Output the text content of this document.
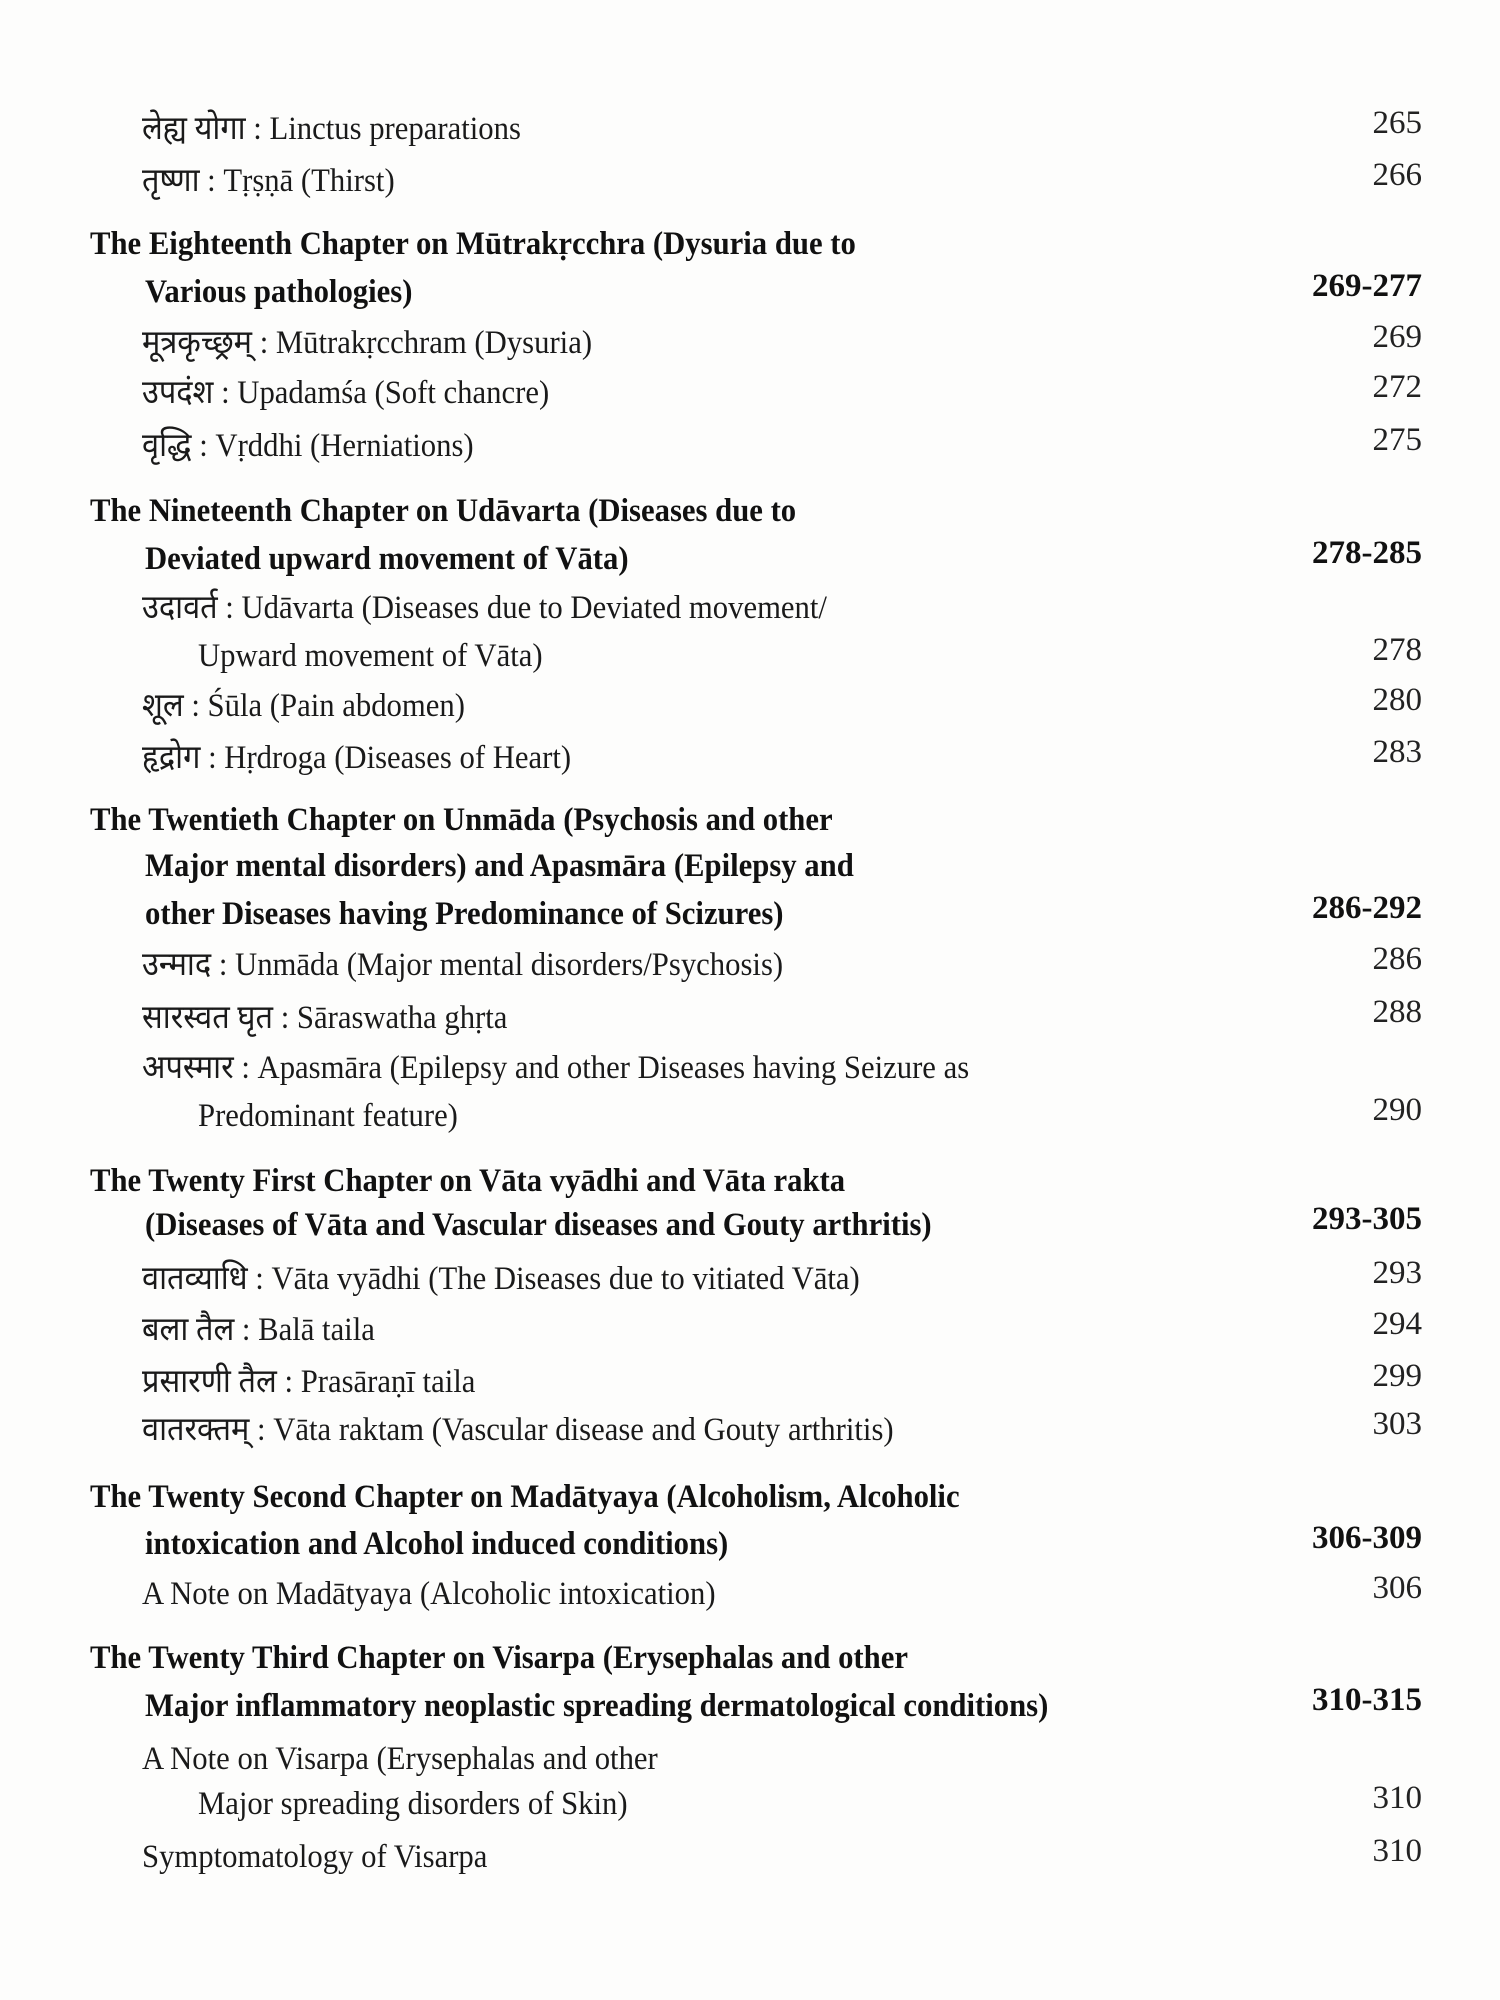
लेह्य योगा : Linctus preparations	265
तृष्णा : Tṛṣṇā (Thirst)	266
The Eighteenth Chapter on Mūtrakṛcchra (Dysuria due to
Various pathologies)	269-277
मूत्रकृच्छ्रम् : Mūtrakṛcchram (Dysuria)	269
उपदंश : Upadamśa (Soft chancre)	272
वृद्धि : Vṛddhi (Herniations)	275
The Nineteenth Chapter on Udāvarta (Diseases due to
Deviated upward movement of Vāta)	278-285
उदावर्त : Udāvarta (Diseases due to Deviated movement/
Upward movement of Vāta)	278
शूल : Śūla (Pain abdomen)	280
हृद्रोग : Hṛdroga (Diseases of Heart)	283
The Twentieth Chapter on Unmāda (Psychosis and other
Major mental disorders) and Apasmāra (Epilepsy and
other Diseases having Predominance of Scizures)	286-292
उन्माद : Unmāda (Major mental disorders/Psychosis)	286
सारस्वत घृत : Sāraswatha ghṛta	288
अपस्मार : Apasmāra (Epilepsy and other Diseases having Seizure as
Predominant feature)	290
The Twenty First Chapter on Vāta vyādhi and Vāta rakta
(Diseases of Vāta and Vascular diseases and Gouty arthritis)	293-305
वातव्याधि : Vāta vyādhi (The Diseases due to vitiated Vāta)	293
बला तैल : Balā taila	294
प्रसारणी तैल : Prasāraṇī taila	299
वातरक्तम् : Vāta raktam (Vascular disease and Gouty arthritis)	303
The Twenty Second Chapter on Madātyaya (Alcoholism, Alcoholic
intoxication and Alcohol induced conditions)	306-309
A Note on Madātyaya (Alcoholic intoxication)	306
The Twenty Third Chapter on Visarpa (Erysephalas and other
Major inflammatory neoplastic spreading dermatological conditions)	310-315
A Note on Visarpa (Erysephalas and other
Major spreading disorders of Skin)	310
Symptomatology of Visarpa	310
